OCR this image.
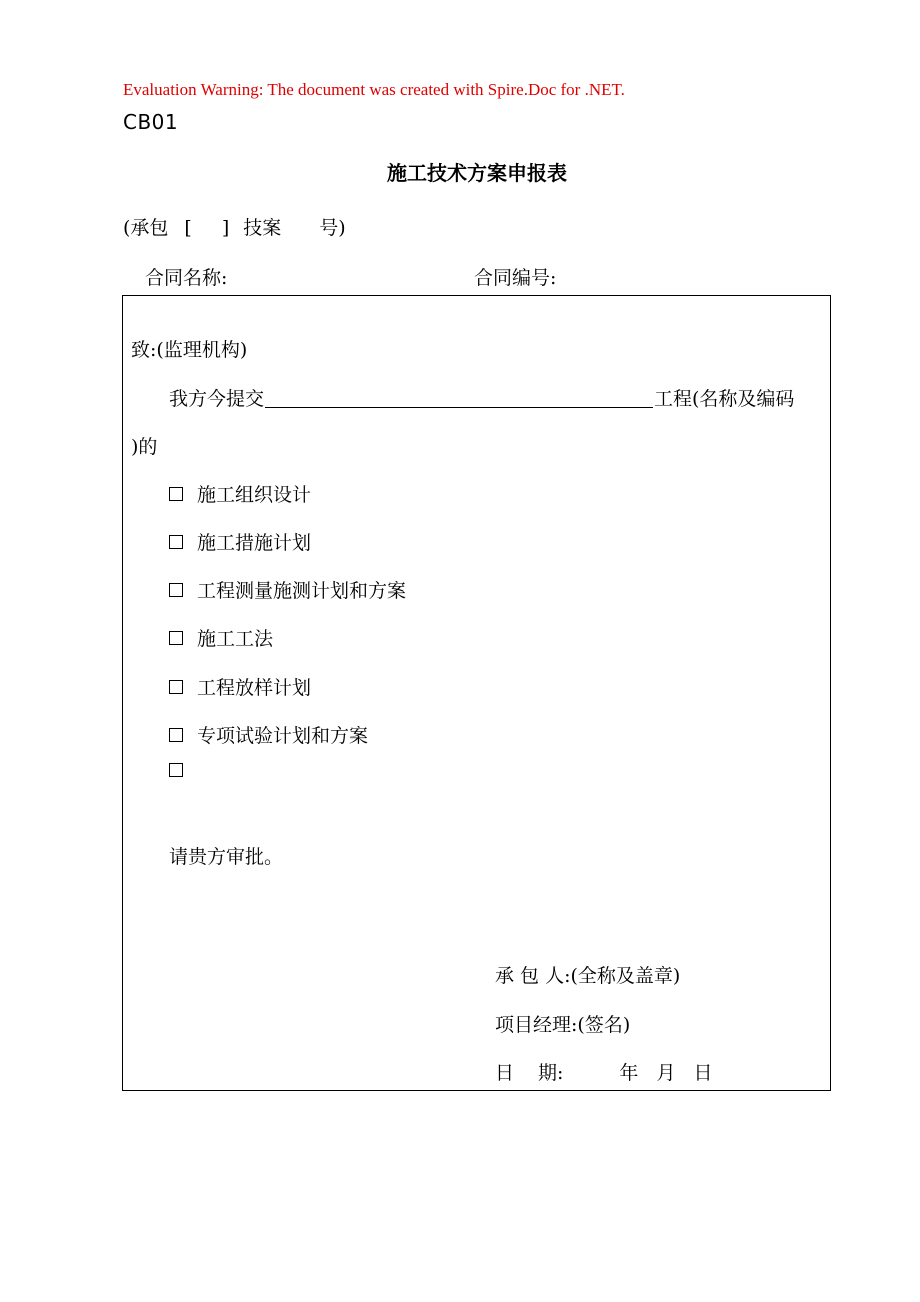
Evaluation Warning: The document was created with Spire.Doc for .NET.
CB01
施工技术方案申报表
(承包 [ ] 技案 号)
合同名称:	合同编号:
致:(监理机构)
我方今提交	工程(名称及编码
)的
施工组织设计
施工措施计划
工程测量施测计划和方案
施工工法
工程放样计划
专项试验计划和方案
请贵方审批。
承 包 人:(全称及盖章)
项目经理:(签名)
日 期:	年 月 日
